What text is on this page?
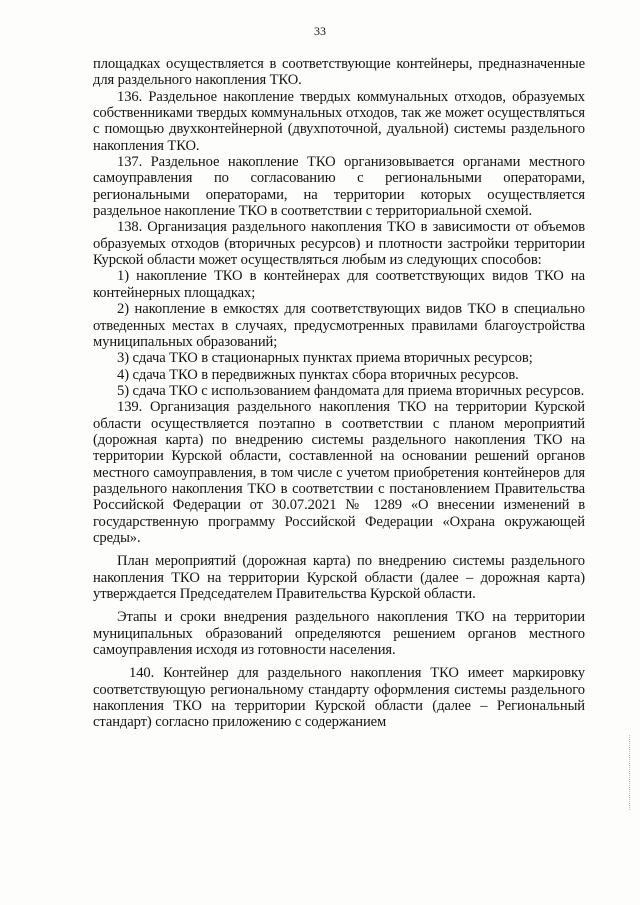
33

площадках осуществляется в соответствующие контейнеры, предназначенные для раздельного накопления ТКО.

136. Раздельное накопление твердых коммунальных отходов, образуемых собственниками твердых коммунальных отходов, так же может осуществляться с помощью двухконтейнерной (двухпоточной, дуальной) системы раздельного накопления ТКО.

137. Раздельное накопление ТКО организовывается органами местного самоуправления по согласованию с региональными операторами, региональными операторами, на территории которых осуществляется раздельное накопление ТКО в соответствии с территориальной схемой.

138. Организация раздельного накопления ТКО в зависимости от объемов образуемых отходов (вторичных ресурсов) и плотности застройки территории Курской области может осуществляться любым из следующих способов:

1) накопление ТКО в контейнерах для соответствующих видов ТКО на контейнерных площадках;

2) накопление в емкостях для соответствующих видов ТКО в специально отведенных местах в случаях, предусмотренных правилами благоустройства муниципальных образований;

3) сдача ТКО в стационарных пунктах приема вторичных ресурсов;

4) сдача ТКО в передвижных пунктах сбора вторичных ресурсов.

5) сдача ТКО с использованием фандомата для приема вторичных ресурсов.

139. Организация раздельного накопления ТКО на территории Курской области осуществляется поэтапно в соответствии с планом мероприятий (дорожная карта) по внедрению системы раздельного накопления ТКО на территории Курской области, составленной на основании решений органов местного самоуправления, в том числе с учетом приобретения контейнеров для раздельного накопления ТКО в соответствии с постановлением Правительства Российской Федерации от 30.07.2021 № 1289 «О внесении изменений в государственную программу Российской Федерации «Охрана окружающей среды».

План мероприятий (дорожная карта) по внедрению системы раздельного накопления ТКО на территории Курской области (далее – дорожная карта) утверждается Председателем Правительства Курской области.

Этапы и сроки внедрения раздельного накопления ТКО на территории муниципальных образований определяются решением органов местного самоуправления исходя из готовности населения.

140. Контейнер для раздельного накопления ТКО имеет маркировку соответствующую региональному стандарту оформления системы раздельного накопления ТКО на территории Курской области (далее – Региональный стандарт) согласно приложению с содержанием
